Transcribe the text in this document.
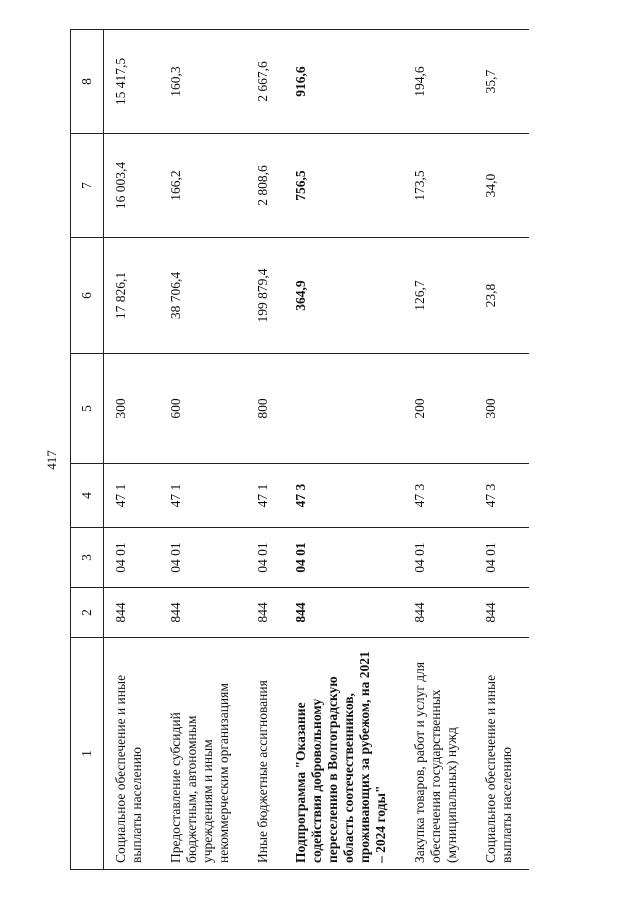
417
1	2	3	4	5	6	7	8
Социальное обеспечение и иные выплаты населению	844	04 01	47 1	300	17 826,1	16 003,4	15 417,5
Предоставление субсидий бюджетным, автономным учреждениям и иным некоммерческим организациям	844	04 01	47 1	600	38 706,4	166,2	160,3
Иные бюджетные ассигнования	844	04 01	47 1	800	199 879,4	2 808,6	2 667,6
Подпрограмма "Оказание содействия добровольному переселению в Волгоградскую область соотечественников, проживающих за рубежом, на 2021 – 2024 годы"	844	04 01	47 3		364,9	756,5	916,6
Закупка товаров, работ и услуг для обеспечения государственных (муниципальных) нужд	844	04 01	47 3	200	126,7	173,5	194,6
Социальное обеспечение и иные выплаты населению	844	04 01	47 3	300	23,8	34,0	35,7
